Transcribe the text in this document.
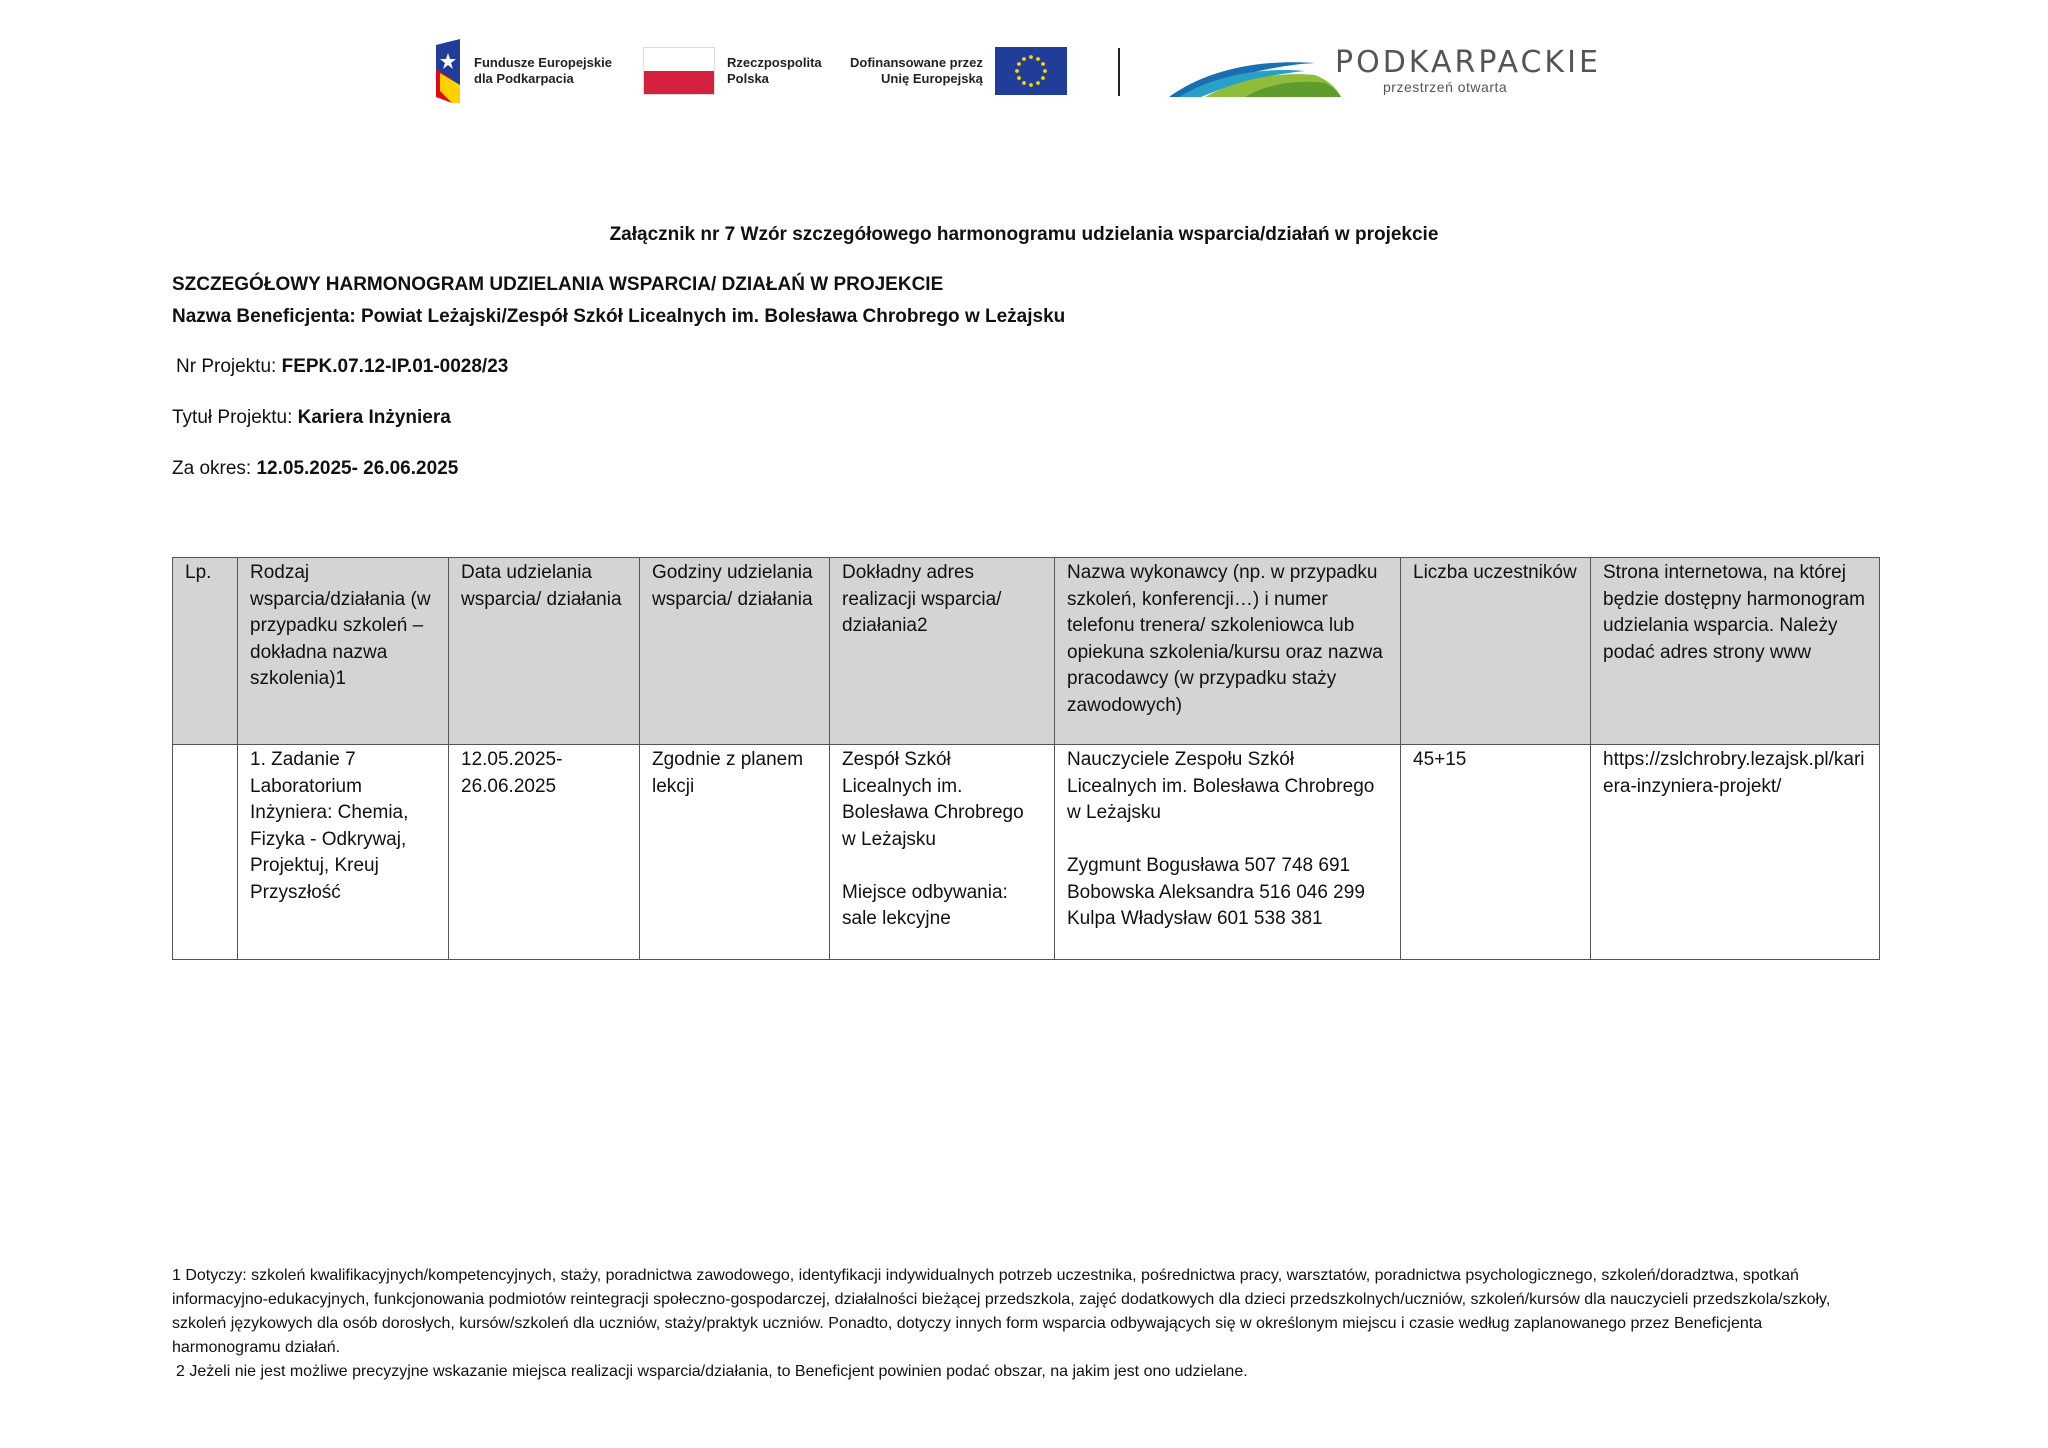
Fundusze Europejskie
dla Podkarpacia
Rzeczpospolita
Polska
Dofinansowane przez
Unię Europejską	PODKARPACKIE
przestrzeń otwarta
Załącznik nr 7 Wzór szczegółowego harmonogramu udzielania wsparcia/działań w projekcie
SZCZEGÓŁOWY HARMONOGRAM UDZIELANIA WSPARCIA/ DZIAŁAŃ W PROJEKCIE
Nazwa Beneficjenta: Powiat Leżajski/Zespół Szkół Licealnych im. Bolesława Chrobrego w Leżajsku
Nr Projektu: FEPK.07.12-IP.01-0028/23
Tytuł Projektu: Kariera Inżyniera
Za okres: 12.05.2025- 26.06.2025
Lp.	Rodzaj wsparcia/działania (w przypadku szkoleń – dokładna nazwa szkolenia)1	Data udzielania wsparcia/ działania	Godziny udzielania wsparcia/ działania	Dokładny adres realizacji wsparcia/ działania2	Nazwa wykonawcy (np. w przypadku szkoleń, konferencji…) i numer telefonu trenera/ szkoleniowca lub opiekuna szkolenia/kursu oraz nazwa pracodawcy (w przypadku staży zawodowych)	Liczba uczestników	Strona internetowa, na której będzie dostępny harmonogram udzielania wsparcia. Należy podać adres strony www
	1. Zadanie 7 Laboratorium Inżyniera: Chemia, Fizyka - Odkrywaj, Projektuj, Kreuj Przyszłość	12.05.2025-
26.06.2025	Zgodnie z planem lekcji	Zespół Szkół Licealnych im. Bolesława Chrobrego w Leżajsku

Miejsce odbywania: sale lekcyjne	Nauczyciele Zespołu Szkół Licealnych im. Bolesława Chrobrego w Leżajsku

Zygmunt Bogusława 507 748 691
Bobowska Aleksandra 516 046 299
Kulpa Władysław 601 538 381	45+15	https://zslchrobry.lezajsk.pl/kariera-inzyniera-projekt/
1 Dotyczy: szkoleń kwalifikacyjnych/kompetencyjnych, staży, poradnictwa zawodowego, identyfikacji indywidualnych potrzeb uczestnika, pośrednictwa pracy, warsztatów, poradnictwa psychologicznego, szkoleń/doradztwa, spotkań informacyjno-edukacyjnych, funkcjonowania podmiotów reintegracji społeczno-gospodarczej, działalności bieżącej przedszkola, zajęć dodatkowych dla dzieci przedszkolnych/uczniów, szkoleń/kursów dla nauczycieli przedszkola/szkoły, szkoleń językowych dla osób dorosłych, kursów/szkoleń dla uczniów, staży/praktyk uczniów. Ponadto, dotyczy innych form wsparcia odbywających się w określonym miejscu i czasie według zaplanowanego przez Beneficjenta harmonogramu działań.
2 Jeżeli nie jest możliwe precyzyjne wskazanie miejsca realizacji wsparcia/działania, to Beneficjent powinien podać obszar, na jakim jest ono udzielane.
